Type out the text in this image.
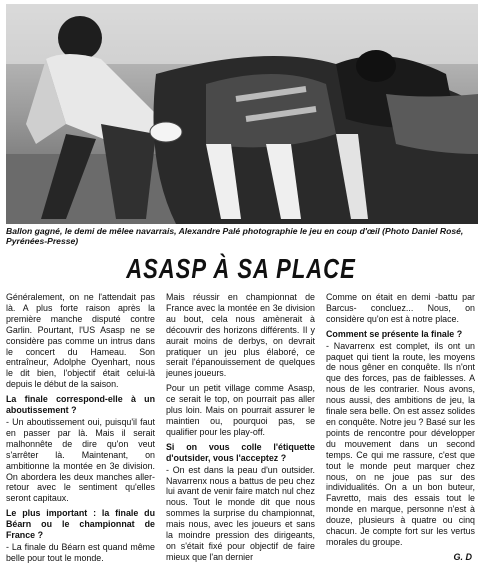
Ballon gagné, le demi de mêlee navarrais, Alexandre Palé photographie le jeu en coup d'œil (Photo Daniel Rosé, Pyrénées-Presse)
ASASP À SA PLACE

Généralement, on ne l'attendait pas là. A plus forte raison après la première manche disputé contre Garlin. Pourtant, l'US Asasp ne se considère pas comme un intrus dans le concert du Hameau. Son entraîneur, Adolphe Oyenhart, nous le dit bien, l'objectif était celui-là depuis le début de la saison.

La finale correspond-elle à un aboutissement ?

- Un aboutissement oui, puisqu'il faut en passer par là. Mais il serait malhonnête de dire qu'on veut s'arrêter là. Maintenant, on ambitionne la montée en 3e division. On abordera les deux manches aller-retour avec le sentiment qu'elles seront capitaux.

Le plus important : la finale du Béarn ou le championnat de France ?

- La finale du Béarn est quand même belle pour tout le monde.

Mais réussir en championnat de France avec la montée en 3e division au bout, cela nous amènerait à découvrir des horizons différents. Il y aurait moins de derbys, on devrait pratiquer un jeu plus élaboré, ce serait l'épanouissement de quelques jeunes joueurs.

Pour un petit village comme Asasp, ce serait le top, on pourrait pas aller plus loin. Mais on pourrait assurer le maintien ou, pourquoi pas, se qualifier pour les play-off.

Si on vous colle l'étiquette d'outsider, vous l'acceptez ?

- On est dans la peau d'un outsider. Navarrenx nous a battus de peu chez lui avant de venir faire match nul chez nous. Tout le monde dit que nous sommes la surprise du championnat, mais nous, avec les joueurs et sans la moindre pression des dirigeants, on s'était fixé pour objectif de faire mieux que l'an dernier

Comme on était en demi -battu par Barcus- concluez... Nous, on considère qu'on est à notre place.

Comment se présente la finale ?

- Navarrenx est complet, ils ont un paquet qui tient la route, les moyens de nous gêner en conquête. Ils n'ont que des forces, pas de faiblesses. A nous de les contrarier. Nous avons, nous aussi, des ambitions de jeu, la finale sera belle. On est assez solides en conquête. Notre jeu ? Basé sur les points de rencontre pour développer du mouvement dans un second temps. Ce qui me rassure, c'est que tout le monde peut marquer chez nous, on ne joue pas sur des individualités. On a un bon buteur, Favretto, mais des essais tout le monde en marque, personne n'est à douze, plusieurs à quatre ou cinq chacun. Je compte fort sur les vertus morales du groupe.

G. D
